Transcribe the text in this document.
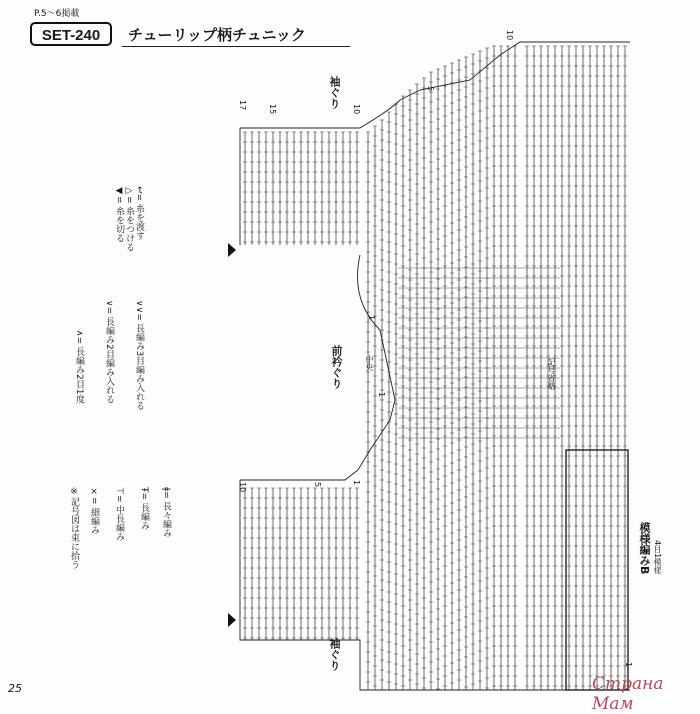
P.5～6掲載
SET-240	チューリップ柄チュニック
◀= 糸を切る
▷= 糸をつける
↩= 糸を渡す
∧= 長編み2目1度
∨= 長編み2目編み入れる ∨∨= 長編み3目編み入れる
※記号図は束に拾う ×= 細編み
⊤= 中長編み
Ŧ= 長編み
ǂ= 長々編み
袖ぐり
袖ぐり
前衿ぐり	中央	記号省略
模様編みB 4目1模様
10
17	15	10
5
1
1
10	5	1
1
25	Страна Мам
